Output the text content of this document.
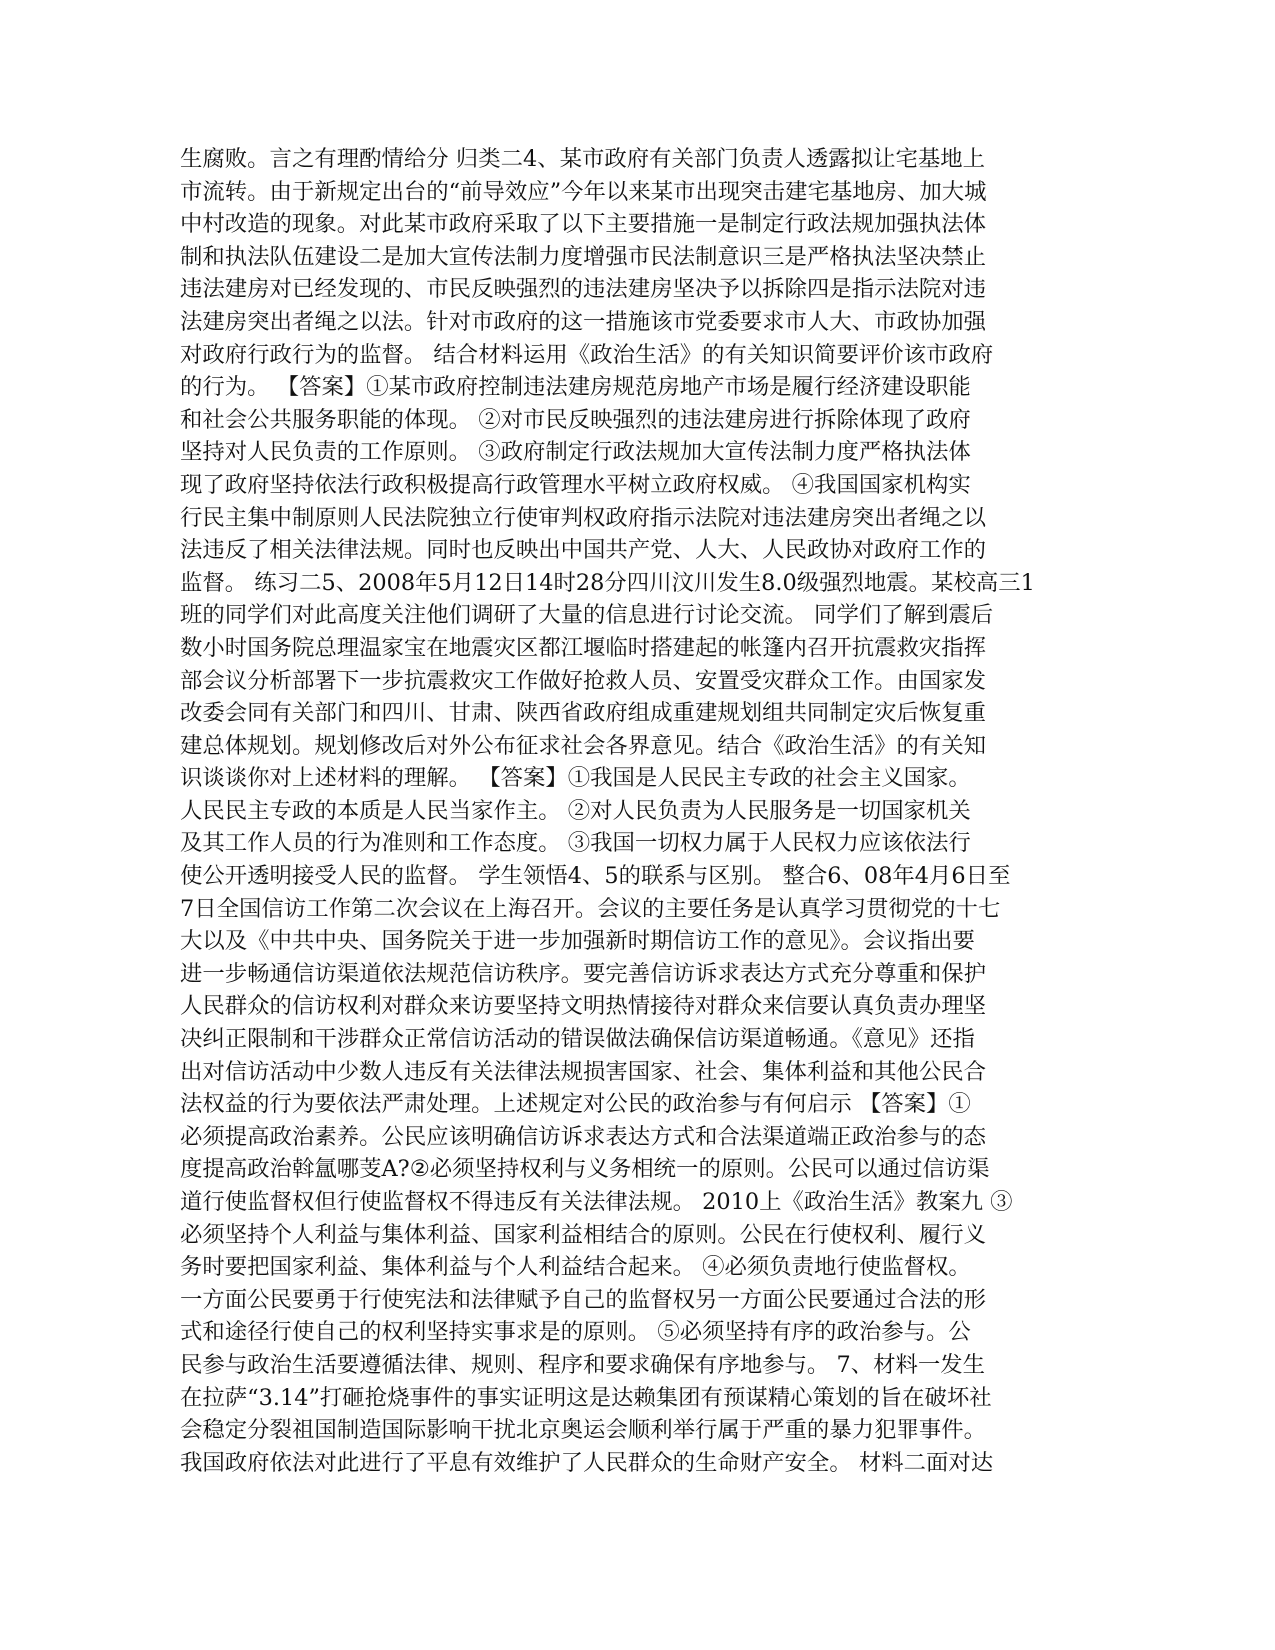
生腐败。言之有理酌情给分 归类二4、某市政府有关部门负责人透露拟让宅基地上
市流转。由于新规定出台的“前导效应”今年以来某市出现突击建宅基地房、加大城
中村改造的现象。对此某市政府采取了以下主要措施一是制定行政法规加强执法体
制和执法队伍建设二是加大宣传法制力度增强市民法制意识三是严格执法坚决禁止
违法建房对已经发现的、市民反映强烈的违法建房坚决予以拆除四是指示法院对违
法建房突出者绳之以法。针对市政府的这一措施该市党委要求市人大、市政协加强
对政府行政行为的监督。 结合材料运用《政治生活》的有关知识简要评价该市政府
的行为。 【答案】①某市政府控制违法建房规范房地产市场是履行经济建设职能
和社会公共服务职能的体现。 ②对市民反映强烈的违法建房进行拆除体现了政府
坚持对人民负责的工作原则。 ③政府制定行政法规加大宣传法制力度严格执法体
现了政府坚持依法行政积极提高行政管理水平树立政府权威。 ④我国国家机构实
行民主集中制原则人民法院独立行使审判权政府指示法院对违法建房突出者绳之以
法违反了相关法律法规。同时也反映出中国共产党、人大、人民政协对政府工作的
监督。 练习二5、2008年5月12日14时28分四川汶川发生8.0级强烈地震。某校高三1
班的同学们对此高度关注他们调研了大量的信息进行讨论交流。 同学们了解到震后
数小时国务院总理温家宝在地震灾区都江堰临时搭建起的帐篷内召开抗震救灾指挥
部会议分析部署下一步抗震救灾工作做好抢救人员、安置受灾群众工作。由国家发
改委会同有关部门和四川、甘肃、陕西省政府组成重建规划组共同制定灾后恢复重
建总体规划。规划修改后对外公布征求社会各界意见。结合《政治生活》的有关知
识谈谈你对上述材料的理解。 【答案】①我国是人民民主专政的社会主义国家。
人民民主专政的本质是人民当家作主。 ②对人民负责为人民服务是一切国家机关
及其工作人员的行为准则和工作态度。 ③我国一切权力属于人民权力应该依法行
使公开透明接受人民的监督。 学生领悟4、5的联系与区别。 整合6、08年4月6日至
7日全国信访工作第二次会议在上海召开。会议的主要任务是认真学习贯彻党的十七
大以及《中共中央、国务院关于进一步加强新时期信访工作的意见》。会议指出要
进一步畅通信访渠道依法规范信访秩序。要完善信访诉求表达方式充分尊重和保护
人民群众的信访权利对群众来访要坚持文明热情接待对群众来信要认真负责办理坚
决纠正限制和干涉群众正常信访活动的错误做法确保信访渠道畅通。《意见》还指
出对信访活动中少数人违反有关法律法规损害国家、社会、集体利益和其他公民合
法权益的行为要依法严肃处理。上述规定对公民的政治参与有何启示 【答案】①
必须提高政治素养。公民应该明确信访诉求表达方式和合法渠道端正政治参与的态
度提高政治斡氲哪芰A?②必须坚持权利与义务相统一的原则。公民可以通过信访渠
道行使监督权但行使监督权不得违反有关法律法规。 2010上《政治生活》教案九 ③
必须坚持个人利益与集体利益、国家利益相结合的原则。公民在行使权利、履行义
务时要把国家利益、集体利益与个人利益结合起来。 ④必须负责地行使监督权。
一方面公民要勇于行使宪法和法律赋予自己的监督权另一方面公民要通过合法的形
式和途径行使自己的权利坚持实事求是的原则。 ⑤必须坚持有序的政治参与。公
民参与政治生活要遵循法律、规则、程序和要求确保有序地参与。 7、材料一发生
在拉萨“3.14”打砸抢烧事件的事实证明这是达赖集团有预谋精心策划的旨在破坏社
会稳定分裂祖国制造国际影响干扰北京奥运会顺利举行属于严重的暴力犯罪事件。
我国政府依法对此进行了平息有效维护了人民群众的生命财产安全。 材料二面对达
